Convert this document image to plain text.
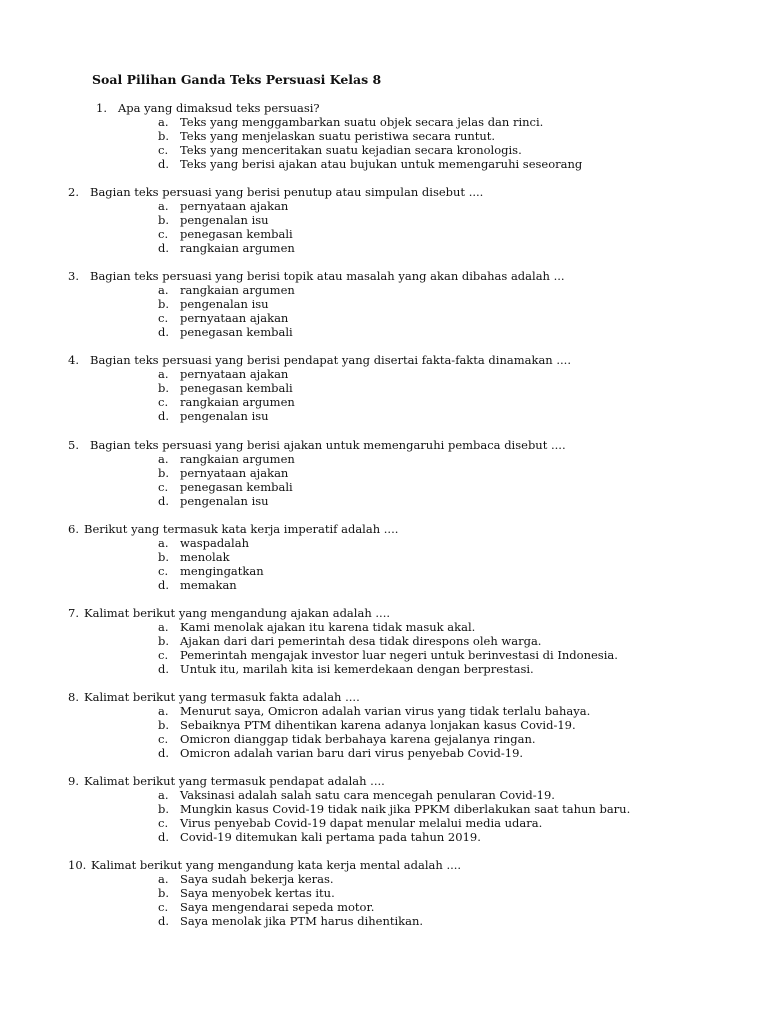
Soal Pilihan Ganda Teks Persuasi Kelas 8
1. Apa yang dimaksud teks persuasi?
a. Teks yang menggambarkan suatu objek secara jelas dan rinci.
b. Teks yang menjelaskan suatu peristiwa secara runtut.
c. Teks yang menceritakan suatu kejadian secara kronologis.
d. Teks yang berisi ajakan atau bujukan untuk memengaruhi seseorang
2. Bagian teks persuasi yang berisi penutup atau simpulan disebut ....
a. pernyataan ajakan
b. pengenalan isu
c. penegasan kembali
d. rangkaian argumen
3. Bagian teks persuasi yang berisi topik atau masalah yang akan dibahas adalah ...
a. rangkaian argumen
b. pengenalan isu
c. pernyataan ajakan
d. penegasan kembali
4. Bagian teks persuasi yang berisi pendapat yang disertai fakta-fakta dinamakan ....
a. pernyataan ajakan
b. penegasan kembali
c. rangkaian argumen
d. pengenalan isu
5. Bagian teks persuasi yang berisi ajakan untuk memengaruhi pembaca disebut ....
a. rangkaian argumen
b. pernyataan ajakan
c. penegasan kembali
d. pengenalan isu
6. Berikut yang termasuk kata kerja imperatif adalah ....
a. waspadalah
b. menolak
c. mengingatkan
d. memakan
7. Kalimat berikut yang mengandung ajakan adalah ....
a. Kami menolak ajakan itu karena tidak masuk akal.
b. Ajakan dari dari pemerintah desa tidak direspons oleh warga.
c. Pemerintah mengajak investor luar negeri untuk berinvestasi di Indonesia.
d. Untuk itu, marilah kita isi kemerdekaan dengan berprestasi.
8. Kalimat berikut yang termasuk fakta adalah ....
a. Menurut saya, Omicron adalah varian virus yang tidak terlalu bahaya.
b. Sebaiknya PTM dihentikan karena adanya lonjakan kasus Covid-19.
c. Omicron dianggap tidak berbahaya karena gejalanya ringan.
d. Omicron adalah varian baru dari virus penyebab Covid-19.
9. Kalimat berikut yang termasuk pendapat adalah ....
a. Vaksinasi adalah salah satu cara mencegah penularan Covid-19.
b. Mungkin kasus Covid-19 tidak naik jika PPKM diberlakukan saat tahun baru.
c. Virus penyebab Covid-19 dapat menular melalui media udara.
d. Covid-19 ditemukan kali pertama pada tahun 2019.
10. Kalimat berikut yang mengandung kata kerja mental adalah ....
a. Saya sudah bekerja keras.
b. Saya menyobek kertas itu.
c. Saya mengendarai sepeda motor.
d. Saya menolak jika PTM harus dihentikan.
